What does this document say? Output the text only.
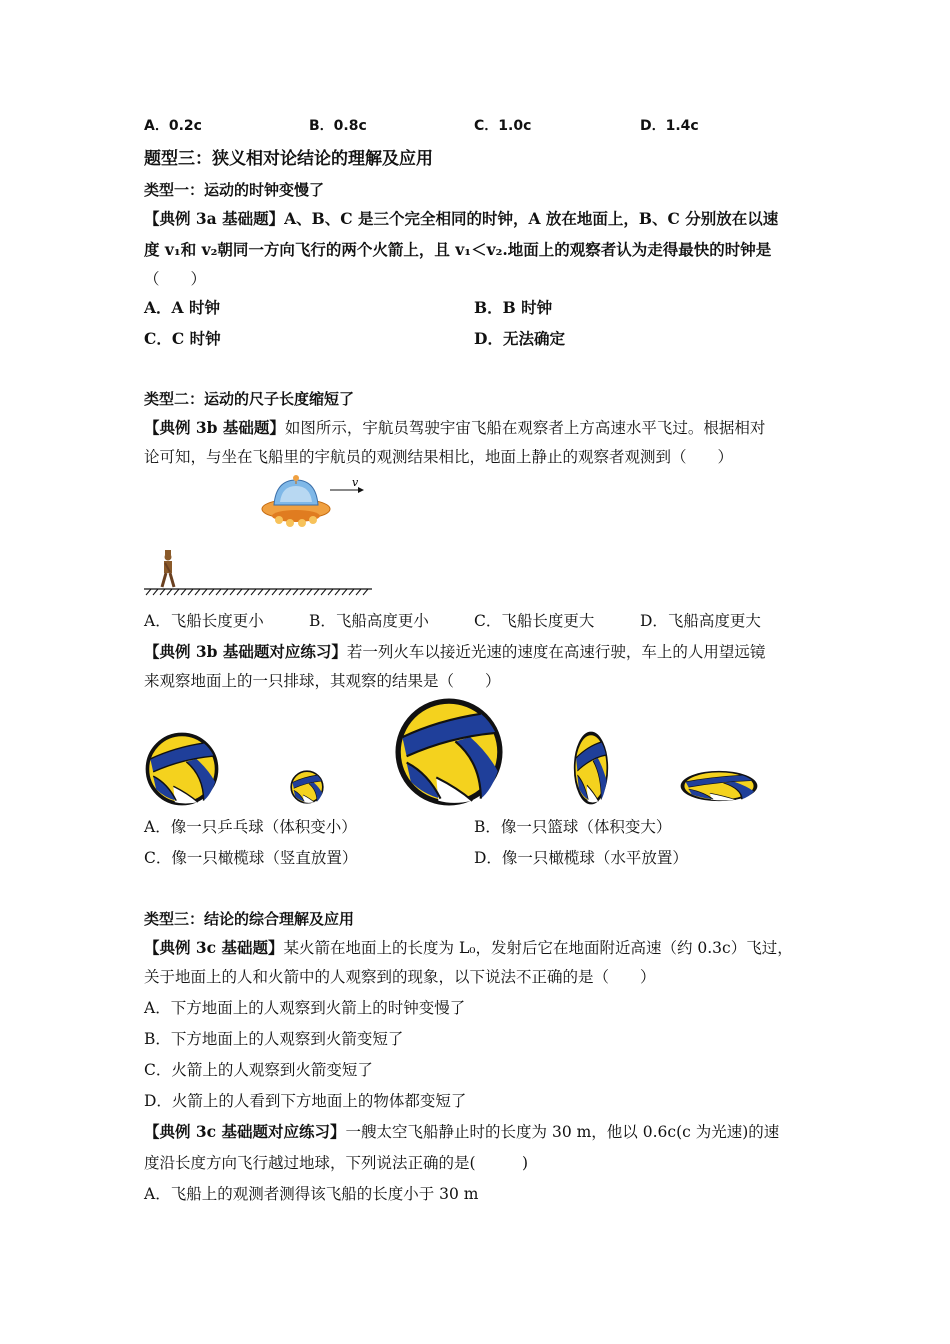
A．0.2c	B．0.8c	C．1.0c	D．1.4c
题型三：狭义相对论结论的理解及应用
类型一：运动的时钟变慢了
【典例 3a 基础题】A、B、C 是三个完全相同的时钟，A 放在地面上，B、C 分别放在以速
度 v₁和 v₂朝同一方向飞行的两个火箭上，且 v₁＜v₂.地面上的观察者认为走得最快的时钟是
（　　）
A．A 时钟	B．B 时钟
C．C 时钟	D．无法确定
类型二：运动的尺子长度缩短了
【典例 3b 基础题】如图所示，宇航员驾驶宇宙飞船在观察者上方高速水平飞过。根据相对
论可知，与坐在飞船里的宇航员的观测结果相比，地面上静止的观察者观测到（　　）
v
A．飞船长度更小	B．飞船高度更小	C．飞船长度更大	D．飞船高度更大
【典例 3b 基础题对应练习】若一列火车以接近光速的速度在高速行驶，车上的人用望远镜
来观察地面上的一只排球，其观察的结果是（　　）
A．像一只乒乓球（体积变小）	B．像一只篮球（体积变大）
C．像一只橄榄球（竖直放置）	D．像一只橄榄球（水平放置）
类型三：结论的综合理解及应用
【典例 3c 基础题】某火箭在地面上的长度为 L₀，发射后它在地面附近高速（约 0.3c）飞过，
关于地面上的人和火箭中的人观察到的现象，以下说法不正确的是（　　）
A．下方地面上的人观察到火箭上的时钟变慢了
B．下方地面上的人观察到火箭变短了
C．火箭上的人观察到火箭变短了
D．火箭上的人看到下方地面上的物体都变短了
【典例 3c 基础题对应练习】一艘太空飞船静止时的长度为 30 m，他以 0.6c(c 为光速)的速
度沿长度方向飞行越过地球，下列说法正确的是(　　　)
A．飞船上的观测者测得该飞船的长度小于 30 m
